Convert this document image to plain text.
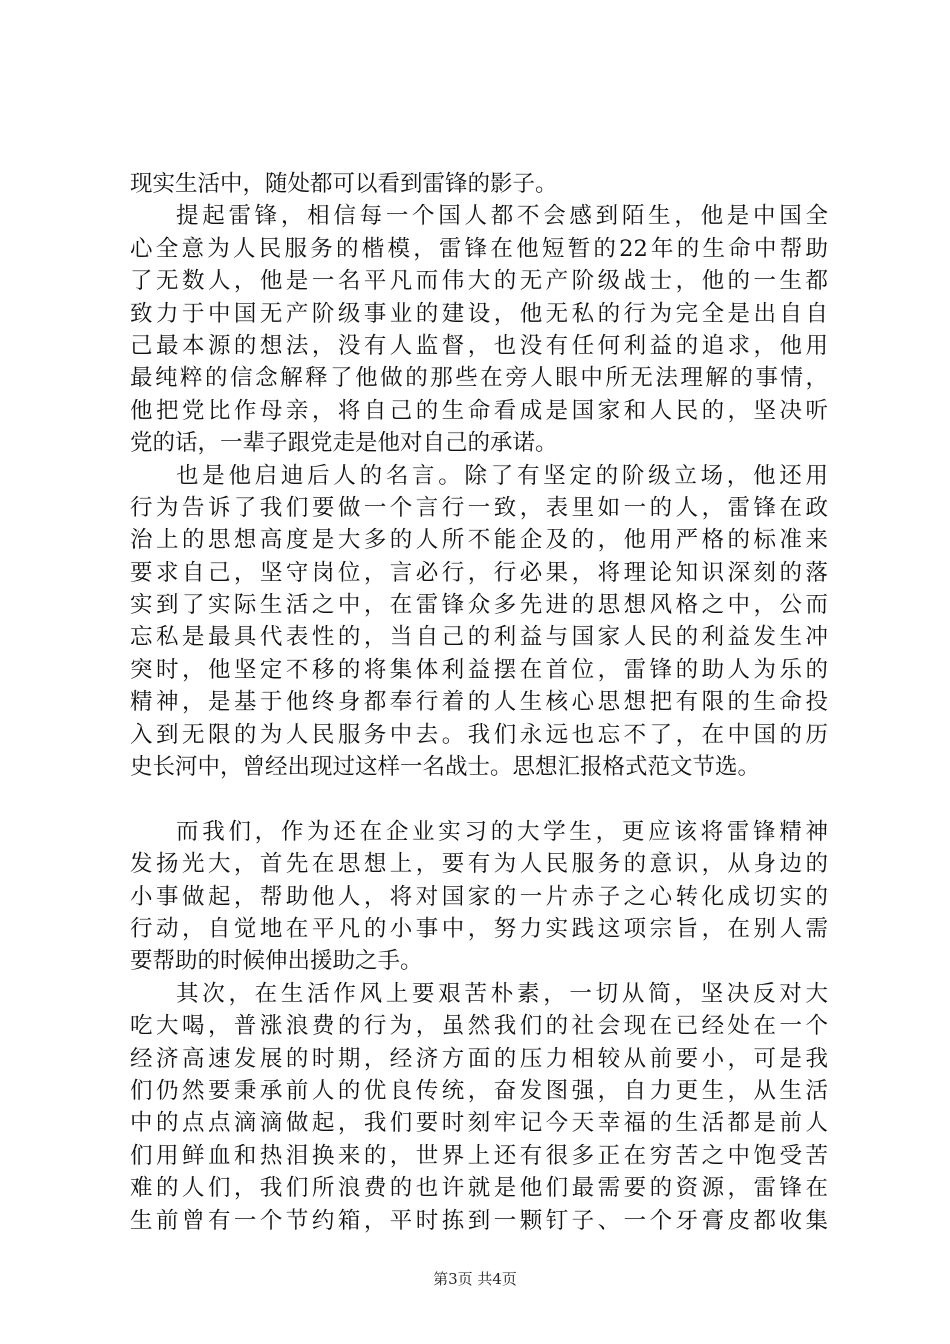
现实生活中，随处都可以看到雷锋的影子。
提起雷锋，相信每一个国人都不会感到陌生，他是中国全
心全意为人民服务的楷模，雷锋在他短暂的22年的生命中帮助
了无数人，他是一名平凡而伟大的无产阶级战士，他的一生都
致力于中国无产阶级事业的建设，他无私的行为完全是出自自
己最本源的想法，没有人监督，也没有任何利益的追求，他用
最纯粹的信念解释了他做的那些在旁人眼中所无法理解的事情，
他把党比作母亲，将自己的生命看成是国家和人民的，坚决听
党的话，一辈子跟党走是他对自己的承诺。
也是他启迪后人的名言。除了有坚定的阶级立场，他还用
行为告诉了我们要做一个言行一致，表里如一的人，雷锋在政
治上的思想高度是大多的人所不能企及的，他用严格的标准来
要求自己，坚守岗位，言必行，行必果，将理论知识深刻的落
实到了实际生活之中，在雷锋众多先进的思想风格之中，公而
忘私是最具代表性的，当自己的利益与国家人民的利益发生冲
突时，他坚定不移的将集体利益摆在首位，雷锋的助人为乐的
精神，是基于他终身都奉行着的人生核心思想把有限的生命投
入到无限的为人民服务中去。我们永远也忘不了，在中国的历
史长河中，曾经出现过这样一名战士。思想汇报格式范文节选。
而我们，作为还在企业实习的大学生，更应该将雷锋精神
发扬光大，首先在思想上，要有为人民服务的意识，从身边的
小事做起，帮助他人，将对国家的一片赤子之心转化成切实的
行动，自觉地在平凡的小事中，努力实践这项宗旨，在别人需
要帮助的时候伸出援助之手。
其次，在生活作风上要艰苦朴素，一切从简，坚决反对大
吃大喝，普涨浪费的行为，虽然我们的社会现在已经处在一个
经济高速发展的时期，经济方面的压力相较从前要小，可是我
们仍然要秉承前人的优良传统，奋发图强，自力更生，从生活
中的点点滴滴做起，我们要时刻牢记今天幸福的生活都是前人
们用鲜血和热泪换来的，世界上还有很多正在穷苦之中饱受苦
难的人们，我们所浪费的也许就是他们最需要的资源，雷锋在
生前曾有一个节约箱，平时拣到一颗钉子、一个牙膏皮都收集
第3页 共4页
